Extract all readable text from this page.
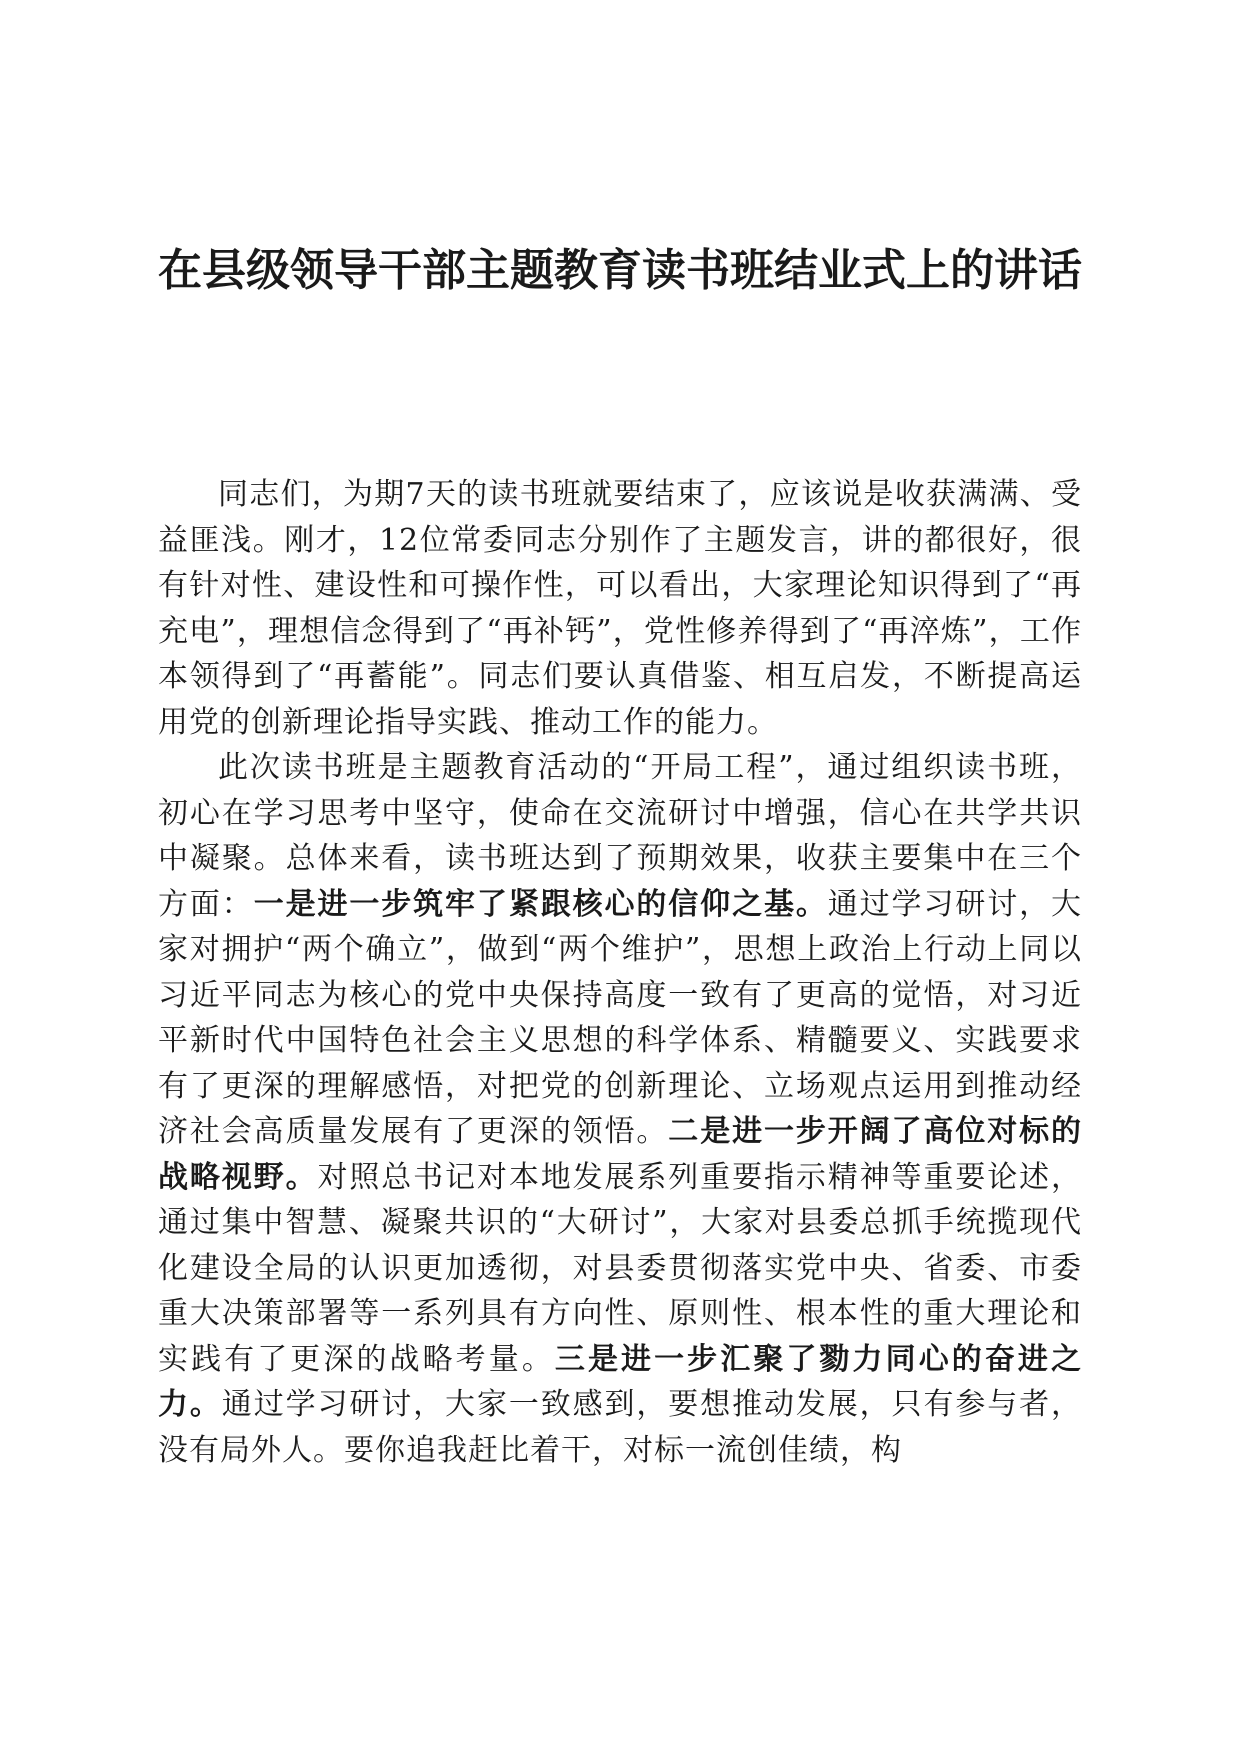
在县级领导干部主题教育读书班结业式上的讲话

同志们，为期7天的读书班就要结束了，应该说是收获满满、受益匪浅。刚才，12位常委同志分别作了主题发言，讲的都很好，很有针对性、建设性和可操作性，可以看出，大家理论知识得到了“再充电”，理想信念得到了“再补钙”，党性修养得到了“再淬炼”，工作本领得到了“再蓄能”。同志们要认真借鉴、相互启发，不断提高运用党的创新理论指导实践、推动工作的能力。

此次读书班是主题教育活动的“开局工程”，通过组织读书班，初心在学习思考中坚守，使命在交流研讨中增强，信心在共学共识中凝聚。总体来看，读书班达到了预期效果，收获主要集中在三个方面：一是进一步筑牢了紧跟核心的信仰之基。通过学习研讨，大家对拥护“两个确立”，做到“两个维护”，思想上政治上行动上同以习近平同志为核心的党中央保持高度一致有了更高的觉悟，对习近平新时代中国特色社会主义思想的科学体系、精髓要义、实践要求有了更深的理解感悟，对把党的创新理论、立场观点运用到推动经济社会高质量发展有了更深的领悟。二是进一步开阔了高位对标的战略视野。对照总书记对本地发展系列重要指示精神等重要论述，通过集中智慧、凝聚共识的“大研讨”，大家对县委总抓手统揽现代化建设全局的认识更加透彻，对县委贯彻落实党中央、省委、市委重大决策部署等一系列具有方向性、原则性、根本性的重大理论和实践有了更深的战略考量。三是进一步汇聚了勠力同心的奋进之力。通过学习研讨，大家一致感到，要想推动发展，只有参与者，没有局外人。要你追我赶比着干，对标一流创佳绩，构
